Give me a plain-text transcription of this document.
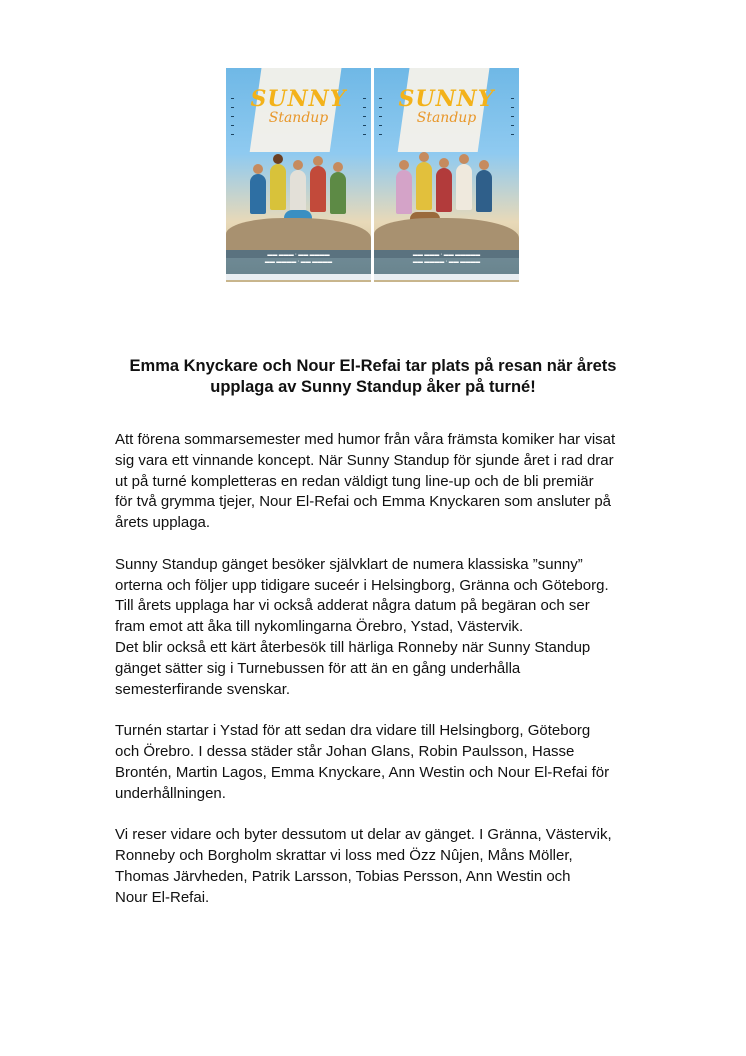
SUNNY
Standup
▬
▬
▬
▬
▬
▬
▬
▬
▬
▬
▬▬ ▬▬▬ · ▬▬ ▬▬▬▬
▬▬ ▬▬▬▬ · ▬▬ ▬▬▬▬
SUNNY
Standup
▬
▬
▬
▬
▬
▬
▬
▬
▬
▬
▬▬ ▬▬▬ · ▬▬ ▬▬▬▬▬
▬▬ ▬▬▬▬ · ▬▬ ▬▬▬▬
Emma Knyckare och Nour El-Refai tar plats på resan när årets
upplaga av Sunny Standup åker på turné!

Att förena sommarsemester med humor från våra främsta komiker har visat
sig vara ett vinnande koncept. När Sunny Standup för sjunde året i rad drar
ut på turné kompletteras en redan väldigt tung line-up och de bli premiär
för två grymma tjejer, Nour El-Refai och Emma Knyckaren som ansluter på
årets upplaga.

Sunny Standup gänget besöker självklart de numera klassiska ”sunny”
orterna och följer upp tidigare suceér i Helsingborg, Gränna och Göteborg.
Till årets upplaga har vi också adderat några datum på begäran och ser
fram emot att åka till nykomlingarna Örebro, Ystad, Västervik.
Det blir också ett kärt återbesök till härliga Ronneby när Sunny Standup
gänget sätter sig i Turnebussen för att än en gång underhålla
semesterfirande svenskar.

Turnén startar i Ystad för att sedan dra vidare till Helsingborg, Göteborg
och Örebro. I dessa städer står Johan Glans, Robin Paulsson, Hasse
Brontén, Martin Lagos, Emma Knyckare, Ann Westin och Nour El-Refai för
underhållningen.

Vi reser vidare och byter dessutom ut delar av gänget. I Gränna, Västervik,
Ronneby och Borgholm skrattar vi loss med Özz Nûjen, Måns Möller,
Thomas Järvheden, Patrik Larsson, Tobias Persson, Ann Westin och
Nour El-Refai.
